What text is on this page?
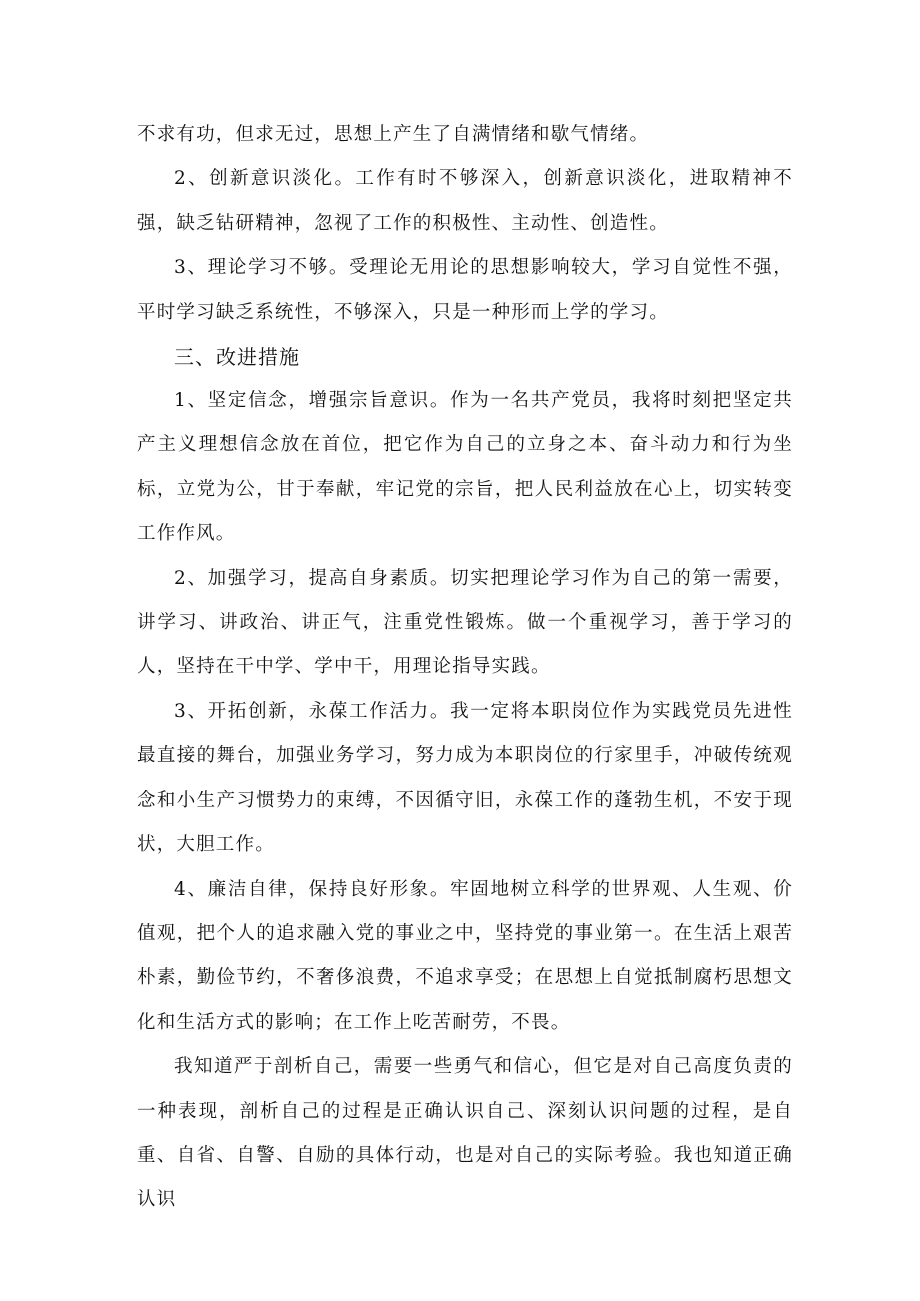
不求有功，但求无过，思想上产生了自满情绪和歇气情绪。

2、创新意识淡化。工作有时不够深入，创新意识淡化，进取精神不强，缺乏钻研精神，忽视了工作的积极性、主动性、创造性。

3、理论学习不够。受理论无用论的思想影响较大，学习自觉性不强，平时学习缺乏系统性，不够深入，只是一种形而上学的学习。

三、改进措施

1、坚定信念，增强宗旨意识。作为一名共产党员，我将时刻把坚定共产主义理想信念放在首位，把它作为自己的立身之本、奋斗动力和行为坐标，立党为公，甘于奉献，牢记党的宗旨，把人民利益放在心上，切实转变工作作风。

2、加强学习，提高自身素质。切实把理论学习作为自己的第一需要，讲学习、讲政治、讲正气，注重党性锻炼。做一个重视学习，善于学习的人，坚持在干中学、学中干，用理论指导实践。

3、开拓创新，永葆工作活力。我一定将本职岗位作为实践党员先进性最直接的舞台，加强业务学习，努力成为本职岗位的行家里手，冲破传统观念和小生产习惯势力的束缚，不因循守旧，永葆工作的蓬勃生机，不安于现状，大胆工作。

4、廉洁自律，保持良好形象。牢固地树立科学的世界观、人生观、价值观，把个人的追求融入党的事业之中，坚持党的事业第一。在生活上艰苦朴素，勤俭节约，不奢侈浪费，不追求享受；在思想上自觉抵制腐朽思想文化和生活方式的影响；在工作上吃苦耐劳，不畏。

我知道严于剖析自己，需要一些勇气和信心，但它是对自己高度负责的一种表现，剖析自己的过程是正确认识自己、深刻认识问题的过程，是自重、自省、自警、自励的具体行动，也是对自己的实际考验。我也知道正确认识
